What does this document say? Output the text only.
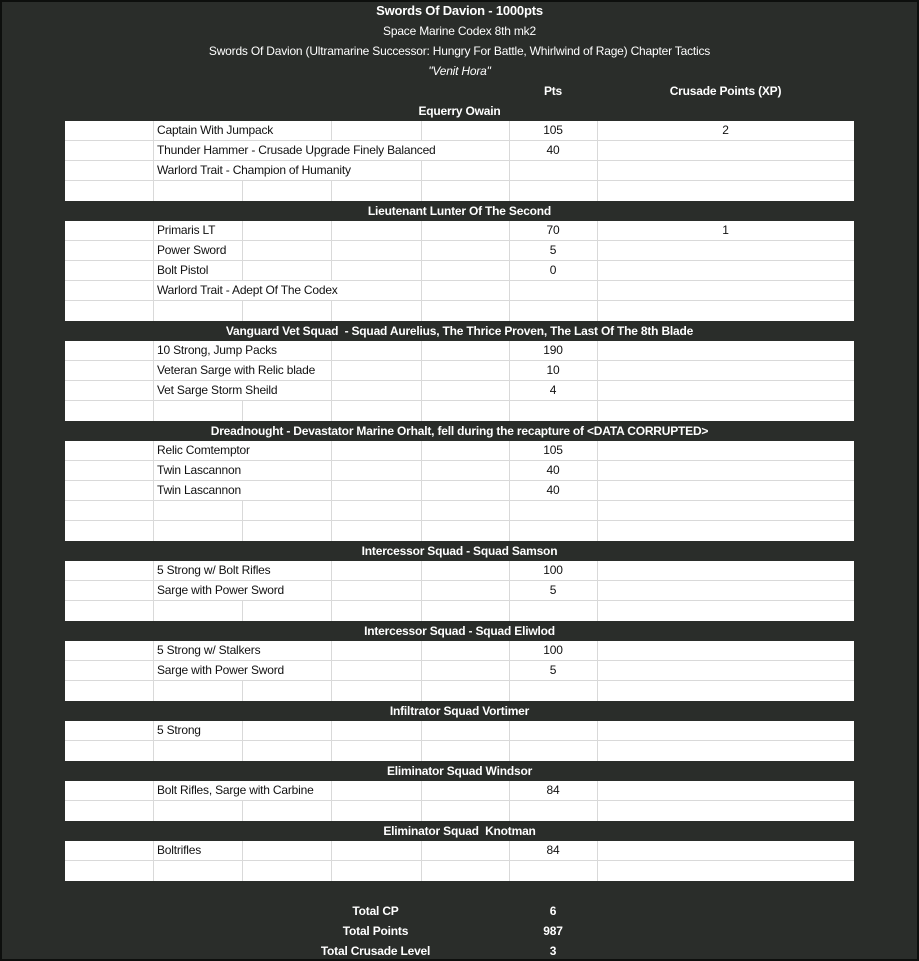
Swords Of Davion - 1000pts
Space Marine Codex 8th mk2
Swords Of Davion (Ultramarine Successor: Hungry For Battle, Whirlwind of Rage) Chapter Tactics
"Venit Hora"
Pts	Crusade Points (XP)
Equerry Owain
Captain With Jumpack	105	2
Thunder Hammer - Crusade Upgrade Finely Balanced	40
Warlord Trait - Champion of Humanity
Lieutenant Lunter Of The Second
Primaris LT	70	1
Power Sword	5
Bolt Pistol	0
Warlord Trait - Adept Of The Codex
Vanguard Vet Squad  - Squad Aurelius, The Thrice Proven, The Last Of The 8th Blade
10 Strong, Jump Packs	190
Veteran Sarge with Relic blade	10
Vet Sarge Storm Sheild	4
Dreadnought - Devastator Marine Orhalt, fell during the recapture of <DATA CORRUPTED>
Relic Comtemptor	105
Twin Lascannon	40
Twin Lascannon	40
Intercessor Squad - Squad Samson
5 Strong w/ Bolt Rifles	100
Sarge with Power Sword	5
Intercessor Squad - Squad Eliwlod
5 Strong w/ Stalkers	100
Sarge with Power Sword	5
Infiltrator Squad Vortimer
5 Strong
Eliminator Squad Windsor
Bolt Rifles, Sarge with Carbine	84
Eliminator Squad  Knotman
Boltrifles	84
Total CP	6
Total Points	987
Total Crusade Level	3
